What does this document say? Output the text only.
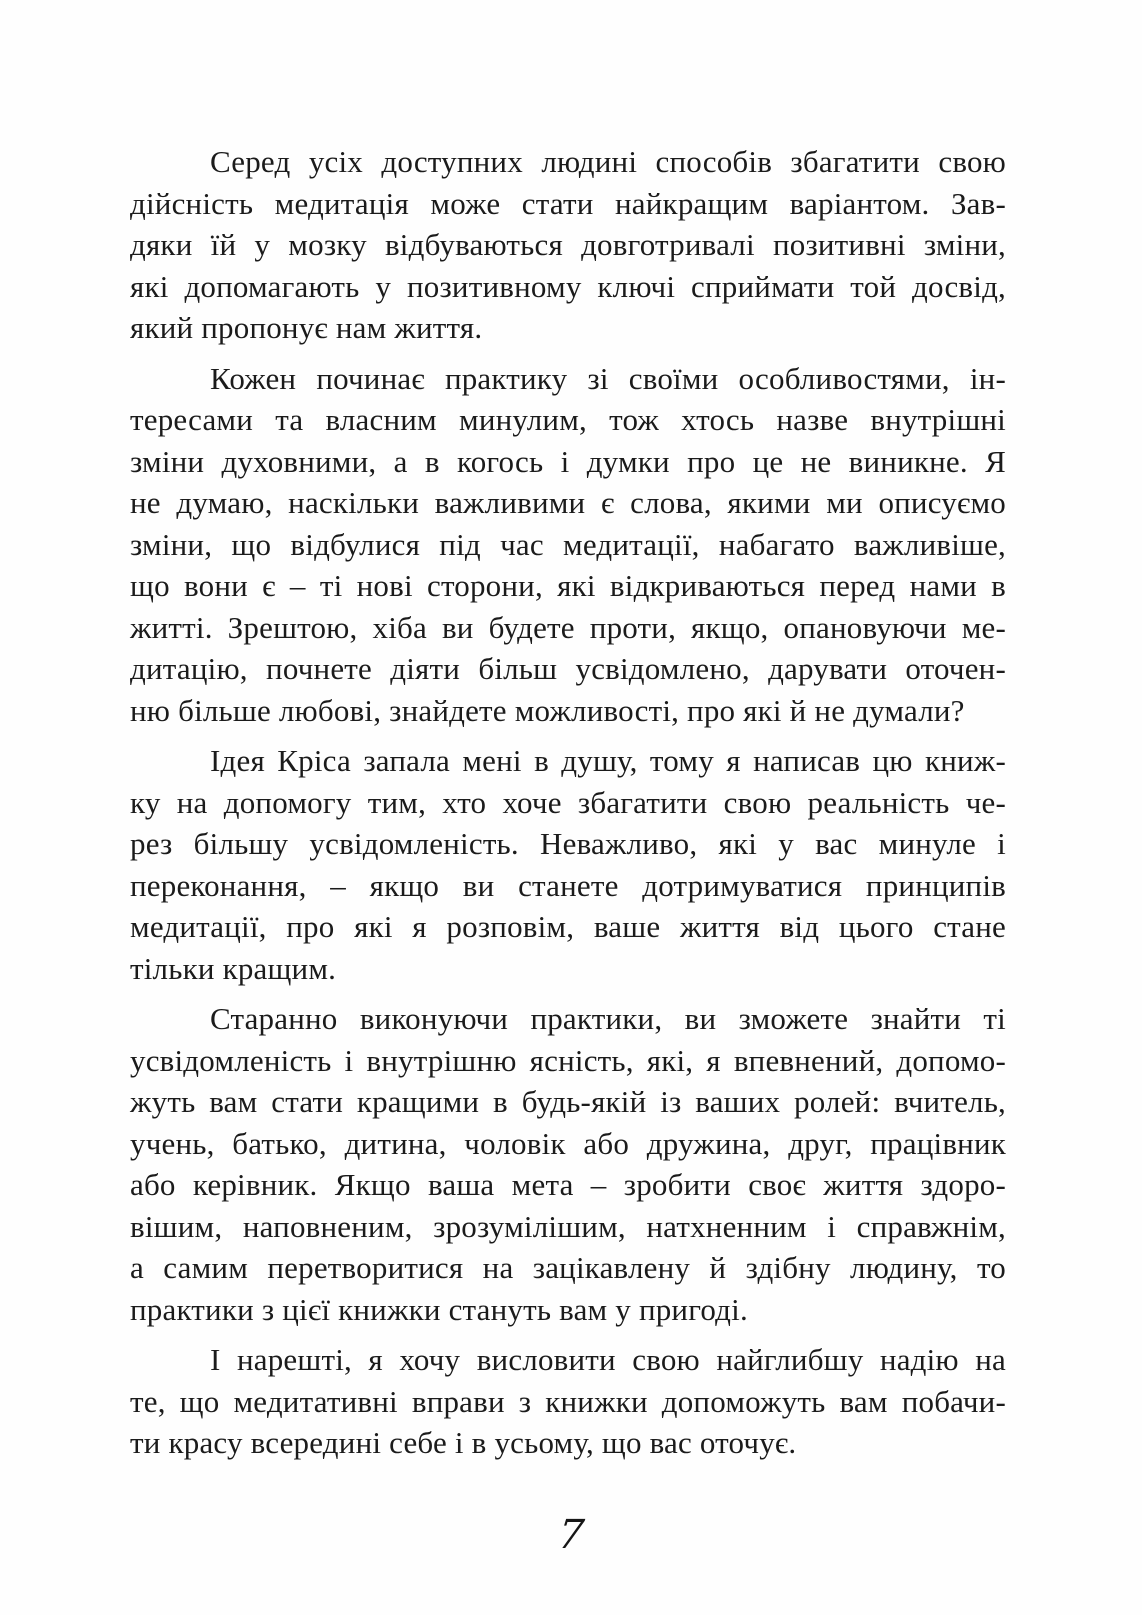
Серед усіх доступних людині способів збагатити свою
дійсність медитація може стати найкращим варіантом. Зав-
дяки їй у мозку відбуваються довготривалі позитивні зміни,
які допомагають у позитивному ключі сприймати той досвід,
який пропонує нам життя.

Кожен починає практику зі своїми особливостями, ін-
тересами та власним минулим, тож хтось назве внутрішні
зміни духовними, а в когось і думки про це не виникне. Я
не думаю, наскільки важливими є слова, якими ми описуємо
зміни, що відбулися під час медитації, набагато важливіше,
що вони є – ті нові сторони, які відкриваються перед нами в
житті. Зрештою, хіба ви будете проти, якщо, опановуючи ме-
дитацію, почнете діяти більш усвідомлено, дарувати оточен-
ню більше любові, знайдете можливості, про які й не думали?

Ідея Кріса запала мені в душу, тому я написав цю книж-
ку на допомогу тим, хто хоче збагатити свою реальність че-
рез більшу усвідомленість. Неважливо, які у вас минуле і
переконання, – якщо ви станете дотримуватися принципів
медитації, про які я розповім, ваше життя від цього стане
тільки кращим.

Старанно виконуючи практики, ви зможете знайти ті
усвідомленість і внутрішню ясність, які, я впевнений, допомо-
жуть вам стати кращими в будь-якій із ваших ролей: вчитель,
учень, батько, дитина, чоловік або дружина, друг, працівник
або керівник. Якщо ваша мета – зробити своє життя здоро-
вішим, наповненим, зрозумілішим, натхненним і справжнім,
а самим перетворитися на зацікавлену й здібну людину, то
практики з цієї книжки стануть вам у пригоді.

І нарешті, я хочу висловити свою найглибшу надію на
те, що медитативні вправи з книжки допоможуть вам побачи-
ти красу всередині себе і в усьому, що вас оточує.

7
